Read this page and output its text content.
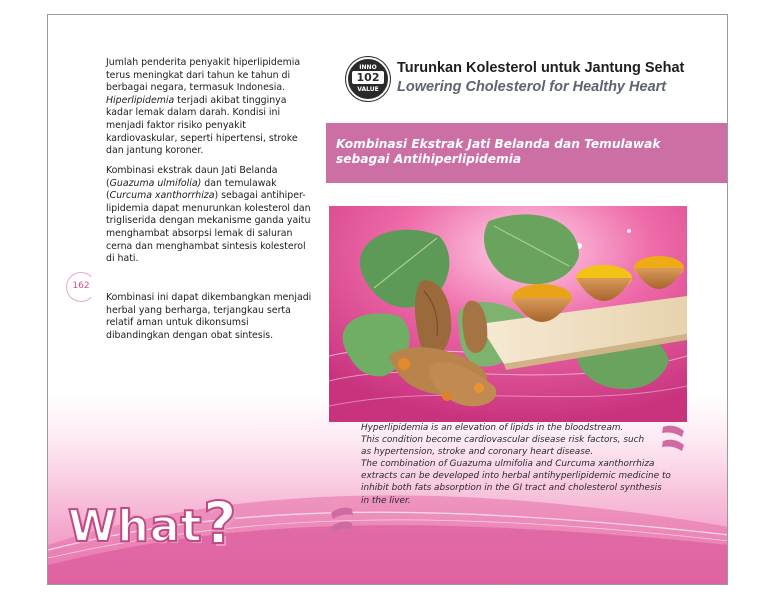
Jumlah penderita penyakit hiperlipidemia terus meningkat dari tahun ke tahun di berbagai negara, termasuk Indonesia. Hiperlipidemia terjadi akibat tingginya kadar lemak dalam darah. Kondisi ini menjadi faktor risiko penyakit kardiovaskular, seperti hipertensi, stroke dan jantung koroner.

Kombinasi ekstrak daun Jati Belanda (Guazuma ulmifolia) dan temulawak (Curcuma xanthorrhiza) sebagai antihiper-lipidemia dapat menurunkan kolesterol dan trigliserida dengan mekanisme ganda yaitu menghambat absorpsi lemak di saluran cerna dan menghambat sintesis kolesterol di hati.

Kombinasi ini dapat dikembangkan menjadi herbal yang berharga, terjangkau serta relatif aman untuk dikonsumsi dibandingkan dengan obat sintesis.

162
INNO
102
VALUE
Turunkan Kolesterol untuk Jantung Sehat
Lowering Cholesterol for Healthy Heart

Kombinasi Ekstrak Jati Belanda dan Temulawak
sebagai Antihiperlipidemia

Hyperlipidemia is an elevation of lipids in the bloodstream.
This condition become cardiovascular disease risk factors, such
as hypertension, stroke and coronary heart disease.
The combination of Guazuma ulmifolia and Curcuma xanthorrhiza
extracts can be developed into herbal antihyperlipidemic medicine to
inhibit both fats absorption in the GI tract and cholesterol synthesis
in the liver.

What ?
